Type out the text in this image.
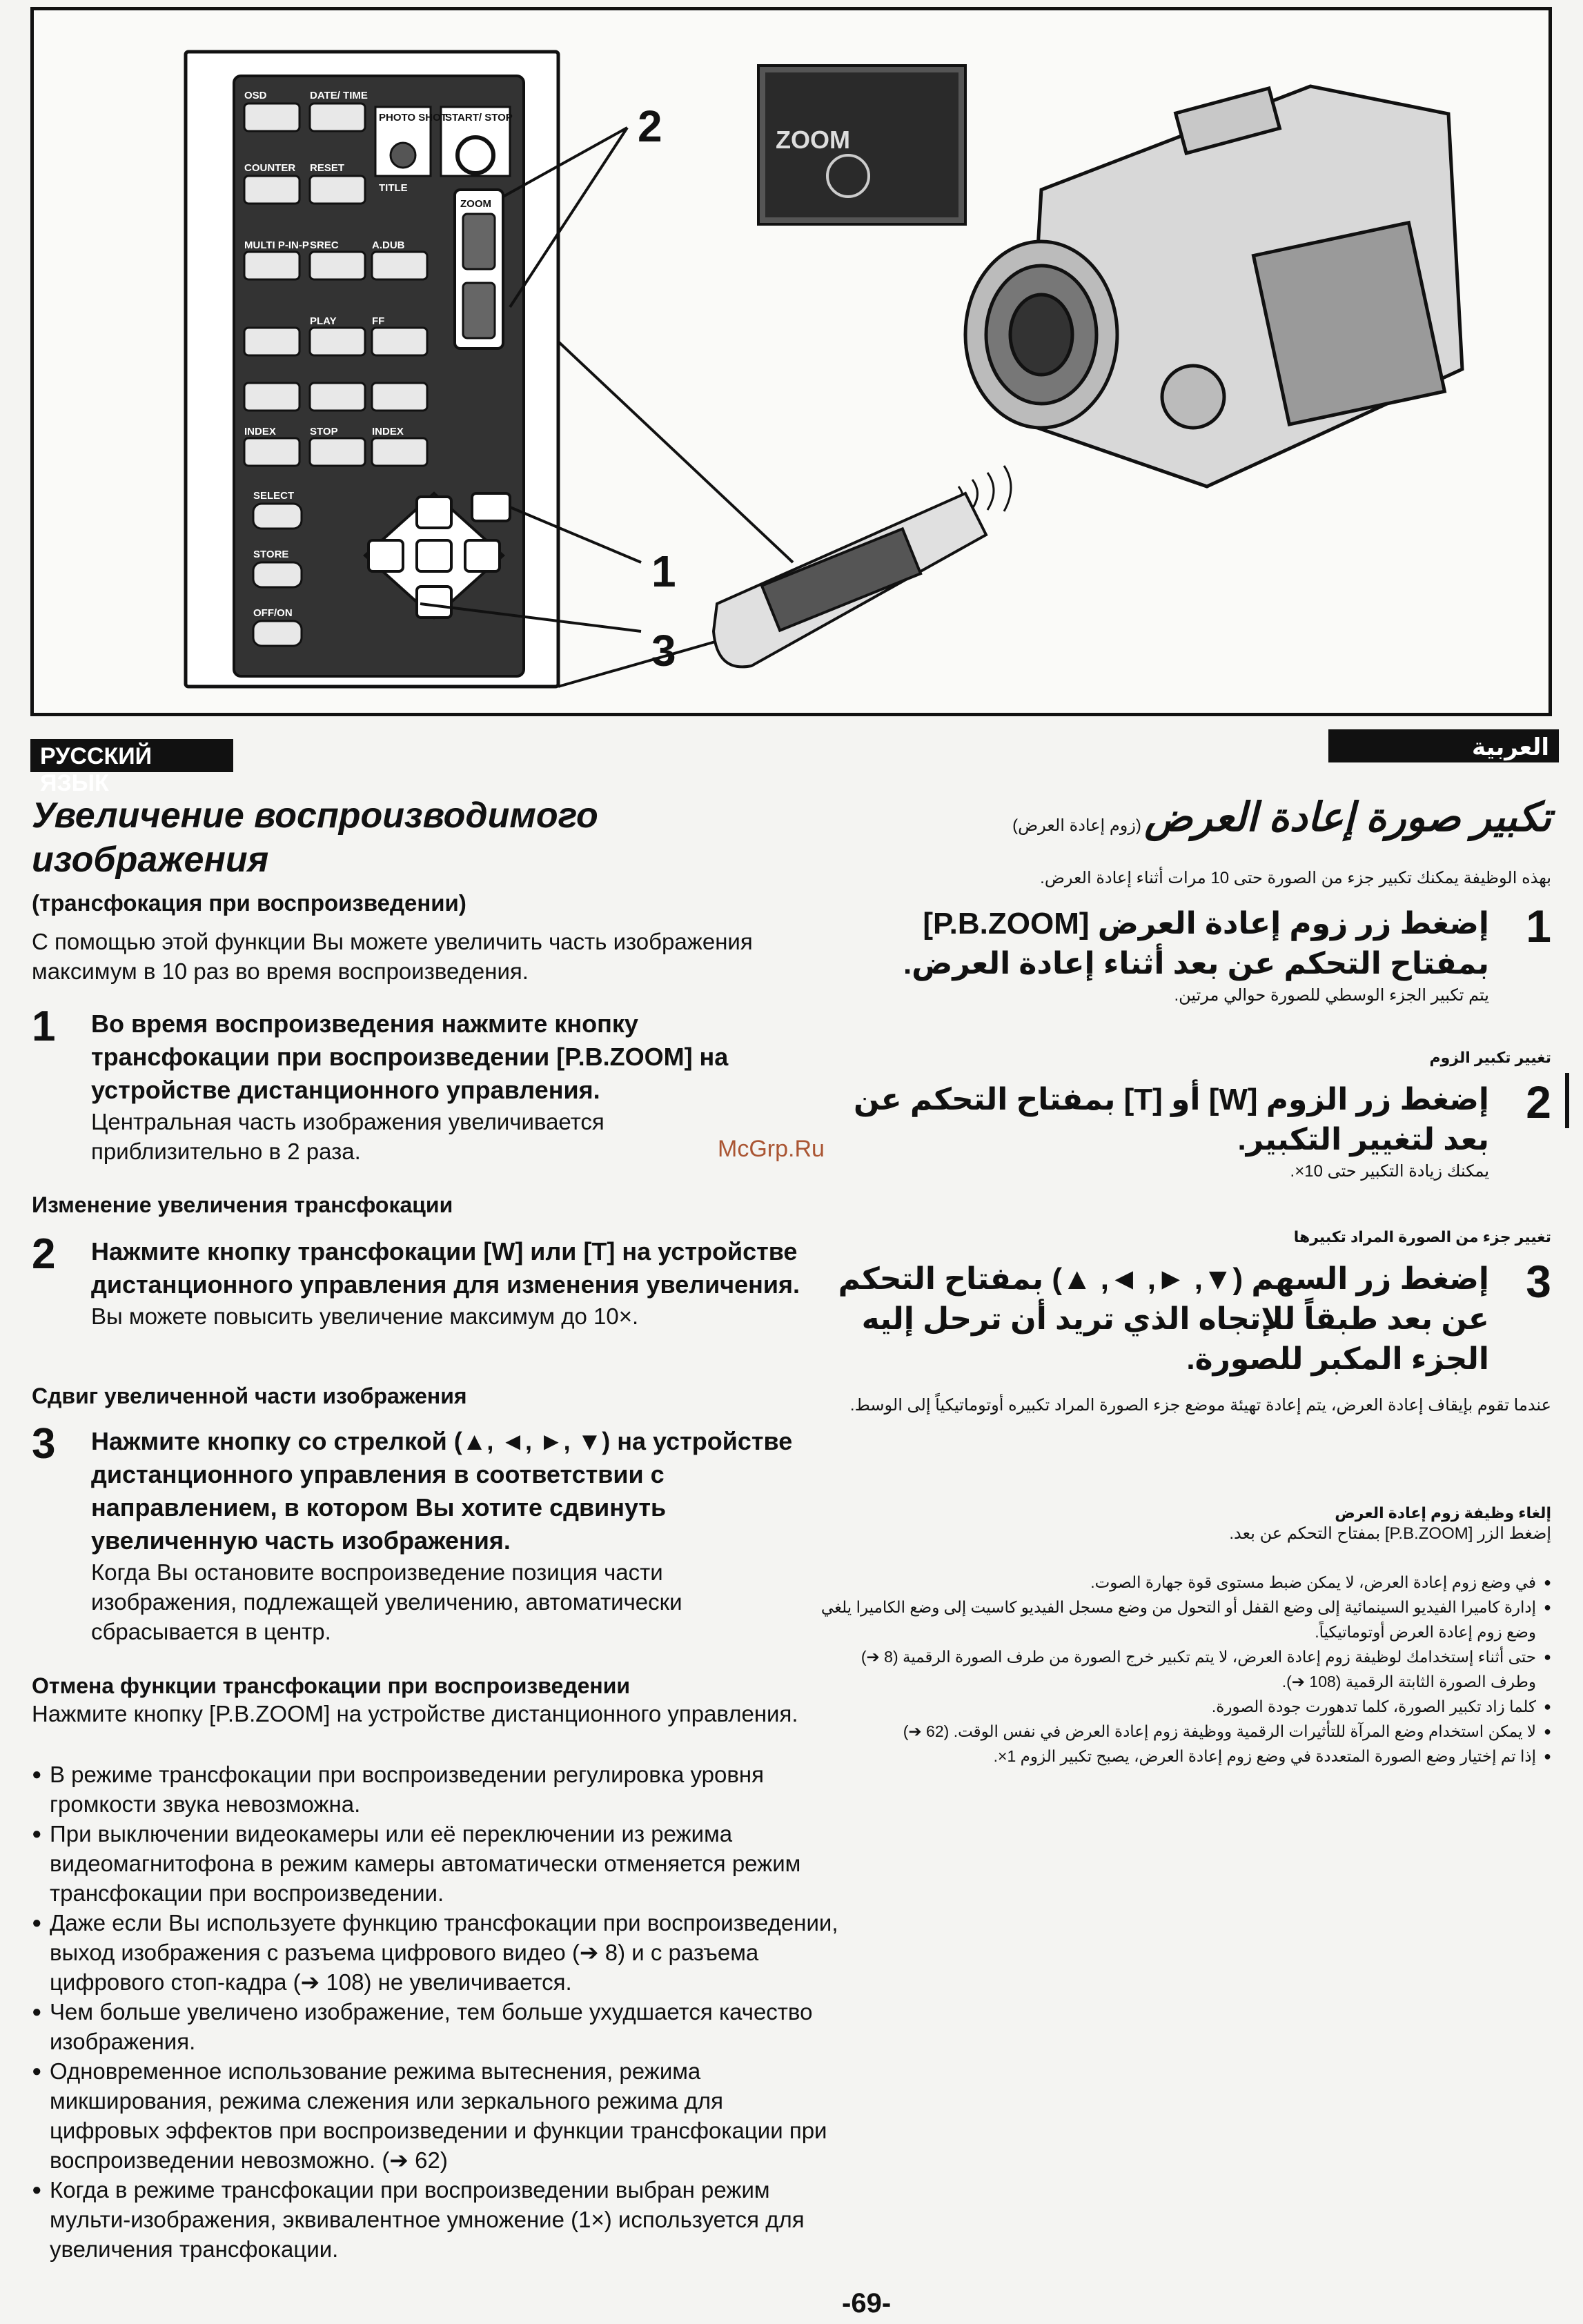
OSD	DATE/ TIME
COUNTER RESET
MULTI P-IN-P SREC	A.DUB
PLAY	FF
INDEX	STOP	INDEX
SELECT
STORE
OFF/ON
PHOTO SHOT
START/ STOP
TITLE
ZOOM
2
1
3
ZOOM
РУССКИЙ ЯЗЫК
العربية
McGrp.Ru
Увеличение воспроизводимого изображения
(трансфокация при воспроизведении)
С помощью этой функции Вы можете увеличить часть изображения максимум в 10 раз во время воспроизведения.
1 Во время воспроизведения нажмите кнопку трансфокации при воспроизведении [P.B.ZOOM] на устройстве дистанционного управления.
Центральная часть изображения увеличивается приблизительно в 2 раза.
Изменение увеличения трансфокации
2 Нажмите кнопку трансфокации [W] или [T] на устройстве дистанционного управления для изменения увеличения.
Вы можете повысить увеличение максимум до 10×.
Сдвиг увеличенной части изображения
3 Нажмите кнопку со стрелкой (▲, ◄, ►, ▼) на устройстве дистанционного управления в соответствии с направлением, в котором Вы хотите сдвинуть увеличенную часть изображения.
Когда Вы остановите воспроизведение позиция части изображения, подлежащей увеличению, автоматически сбрасывается в центр.
Отмена функции трансфокации при воспроизведении
Нажмите кнопку [P.B.ZOOM] на устройстве дистанционного управления.
● В режиме трансфокации при воспроизведении регулировка уровня громкости звука невозможна.
● При выключении видеокамеры или её переключении из режима видеомагнитофона в режим камеры автоматически отменяется режим трансфокации при воспроизведении.
● Даже если Вы используете функцию трансфокации при воспроизведении, выход изображения с разъема цифрового видео (➔ 8) и с разъема цифрового стоп-кадра (➔ 108) не увеличивается.
● Чем больше увеличено изображение, тем больше ухудшается качество изображения.
● Одновременное использование режима вытеснения, режима микширования, режима слежения или зеркального режима для цифровых эффектов при воспроизведении и функции трансфокации при воспроизведении невозможно. (➔ 62)
● Когда в режиме трансфокации при воспроизведении выбран режим мульти-изображения, эквивалентное умножение (1×) используется для увеличения трансфокации.
تكبير صورة إعادة العرض (زوم إعادة العرض)
بهذه الوظيفة يمكنك تكبير جزء من الصورة حتى 10 مرات أثناء إعادة العرض.
1
إضغط زر زوم إعادة العرض [P.B.ZOOM] بمفتاح التحكم عن بعد أثناء إعادة العرض.
يتم تكبير الجزء الوسطي للصورة حوالي مرتين.
تغيير تكبير الزوم
2
إضغط زر الزوم [W] أو [T] بمفتاح التحكم عن بعد لتغيير التكبير.
يمكنك زيادة التكبير حتى 10×.
تغيير جزء من الصورة المراد تكبيرها
3
إضغط زر السهم (▼, ►, ◄, ▲) بمفتاح التحكم عن بعد طبقاً للإتجاه الذي تريد أن ترحل إليه الجزء المكبر للصورة.
عندما تقوم بإيقاف إعادة العرض، يتم إعادة تهيئة موضع جزء الصورة المراد تكبيره أوتوماتيكياً إلى الوسط.
إلغاء وظيفة زوم إعادة العرض
إضغط الزر [P.B.ZOOM] بمفتاح التحكم عن بعد.
● في وضع زوم إعادة العرض، لا يمكن ضبط مستوى قوة جهارة الصوت.
● إدارة كاميرا الفيديو السينمائية إلى وضع القفل أو التحول من وضع مسجل الفيديو كاسيت إلى وضع الكاميرا يلغي وضع زوم إعادة العرض أوتوماتيكياً.
● حتى أثناء إستخدامك لوظيفة زوم إعادة العرض، لا يتم تكبير خرج الصورة من طرف الصورة الرقمية (8 ➔) وطرف الصورة الثابتة الرقمية (108 ➔).
● كلما زاد تكبير الصورة، كلما تدهورت جودة الصورة.
● لا يمكن استخدام وضع المرآة للتأثيرات الرقمية ووظيفة زوم إعادة العرض في نفس الوقت. (62 ➔)
● إذا تم إختيار وضع الصورة المتعددة في وضع زوم إعادة العرض، يصبح تكبير الزوم 1×.
-69-
